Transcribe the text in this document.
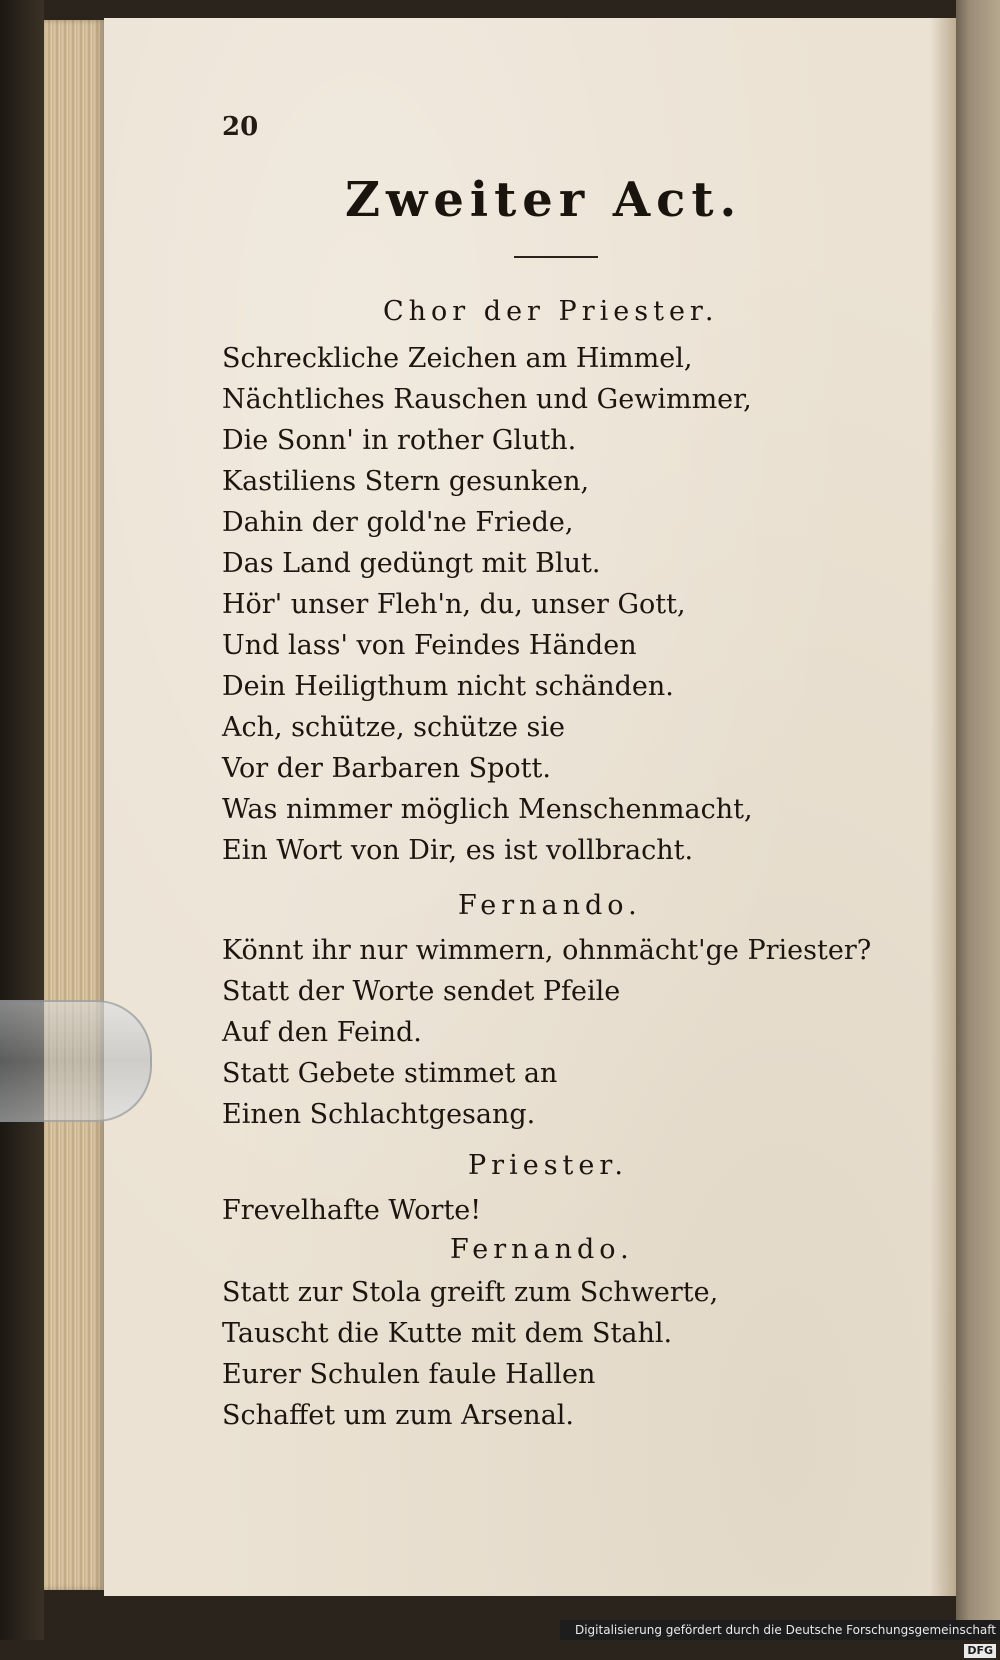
20
Zweiter Act.
Chor der Priester.
Schreckliche Zeichen am Himmel,
Nächtliches Rauschen und Gewimmer,
Die Sonn' in rother Gluth.
Kastiliens Stern gesunken,
Dahin der gold'ne Friede,
Das Land gedüngt mit Blut.
Hör' unser Fleh'n, du, unser Gott,
Und lass' von Feindes Händen
Dein Heiligthum nicht schänden.
Ach, schütze, schütze sie
Vor der Barbaren Spott.
Was nimmer möglich Menschenmacht,
Ein Wort von Dir, es ist vollbracht.
Fernando.
Könnt ihr nur wimmern, ohnmächt'ge Priester?
Statt der Worte sendet Pfeile
Auf den Feind.
Statt Gebete stimmet an
Einen Schlachtgesang.
Priester.
Frevelhafte Worte!
Fernando.
Statt zur Stola greift zum Schwerte,
Tauscht die Kutte mit dem Stahl.
Eurer Schulen faule Hallen
Schaffet um zum Arsenal.
Digitalisierung gefördert durch die Deutsche Forschungsgemeinschaft DFG
